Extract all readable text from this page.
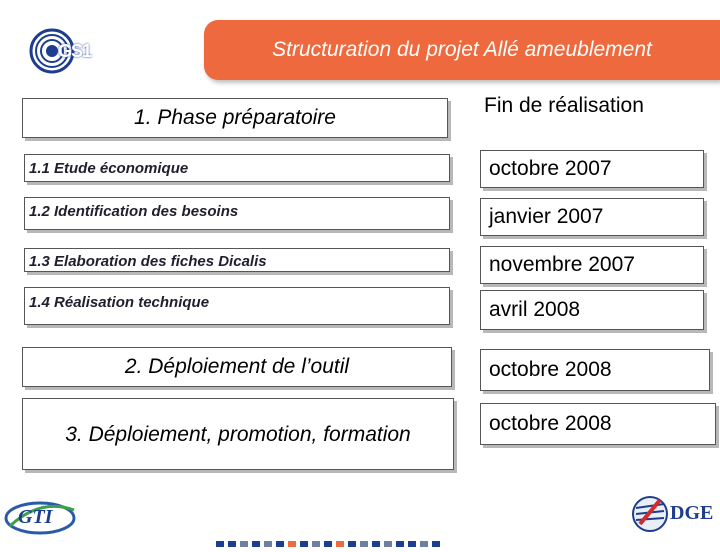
GS1	Structuration du projet Allé ameublement
Fin de réalisation
1. Phase préparatoire
1.1 Etude économique	octobre 2007
1.2 Identification des besoins	janvier 2007
1.3 Elaboration des fiches Dicalis	novembre 2007
1.4 Réalisation technique	avril 2008
2. Déploiement de l’outil	octobre 2008
3. Déploiement, promotion, formation	octobre 2008
GTI	DGE
